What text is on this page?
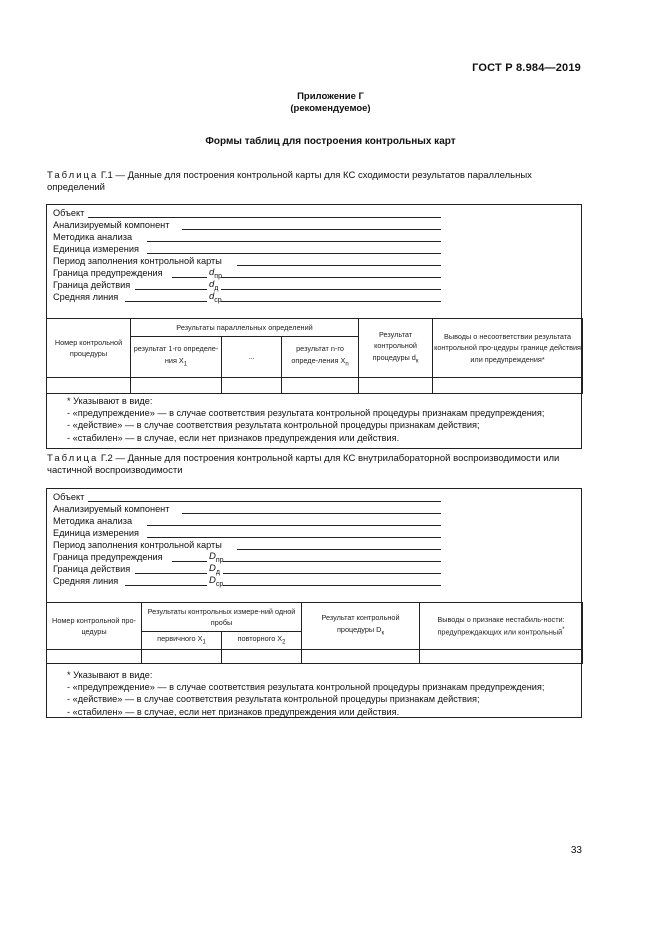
ГОСТ Р 8.984—2019
Приложение Г
(рекомендуемое)
Формы таблиц для построения контрольных карт
Таблица Г.1 — Данные для построения контрольной карты для КС сходимости результатов параллельных определений
Объект
Анализируемый компонент
Методика анализа
Единица измерения
Период заполнения контрольной карты
Граница предупреждения	$d_{пр}$
Граница действия	$d_д$
Средняя линия	$d_{ср}$
Номер контрольной процедуры	Результаты параллельных определений			Результат контрольной процедуры $d_к$	Выводы о несоответствии результата контрольной про-цедуры границе действия или предупреждения*
	результат 1-го определе-ния $X_1$	...	результат n-го опреде-ления $X_n$

* Указывают в виде:
- «предупреждение» — в случае соответствия результата контрольной процедуры признакам предупреждения;
- «действие» — в случае соответствия результата контрольной процедуры признакам действия;
- «стабилен» — в случае, если нет признаков предупреждения или действия.
Таблица Г.2 — Данные для построения контрольной карты для КС внутрилабораторной воспроизводимости или частичной воспроизводимости
Объект
Анализируемый компонент
Методика анализа
Единица измерения
Период заполнения контрольной карты
Граница предупреждения	$D_{пр}$
Граница действия	$D_д$
Средняя линия	$D_{ср}$
Номер контрольной про-цедуры	Результаты контрольных измере-ний одной пробы		Результат контрольной процедуры $D_к$	Выводы о признаке нестабиль-ности: предупреждающих или контрольный*
	первичного $X_1$	повторного $X_2$

* Указывают в виде:
- «предупреждение» — в случае соответствия результата контрольной процедуры признакам предупреждения;
- «действие» — в случае соответствия результата контрольной процедуры признакам действия;
- «стабилен» — в случае, если нет признаков предупреждения или действия.
33
